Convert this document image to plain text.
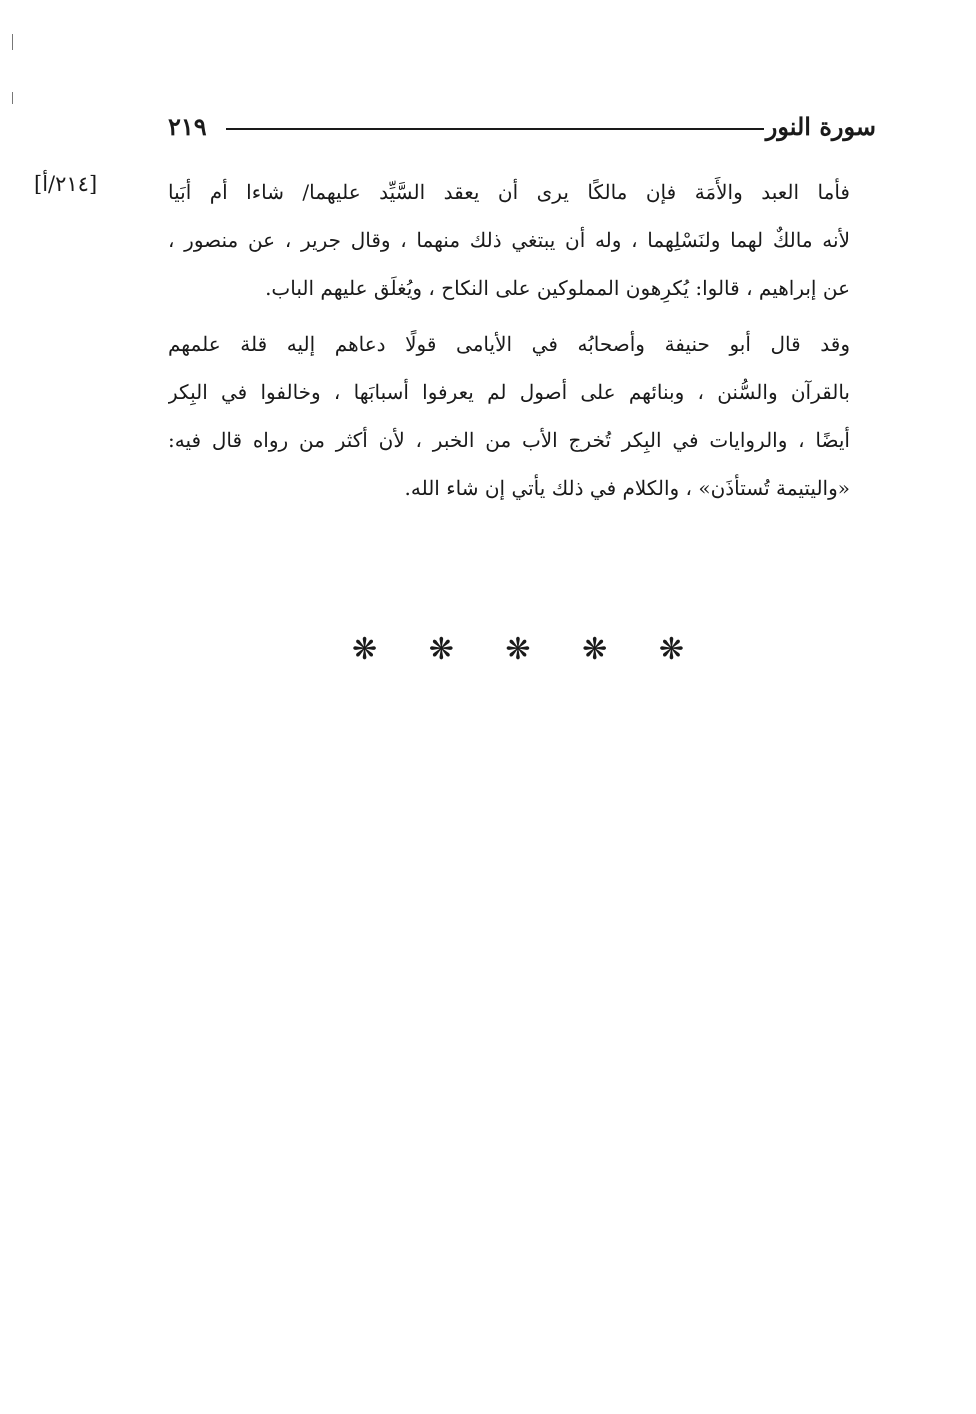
سورة النور
٢١٩
[٢١٤/أ]	فأما العبد والأَمَة فإن مالكًا يرى أن يعقد السَّيِّد عليهما/ شاءا أم أبَيا
لأنه مالكٌ لهما ولنَسْلِهما ، وله أن يبتغي ذلك منهما ، وقال جرير ، عن منصور ،
عن إبراهيم ، قالوا: يُكرِهون المملوكين على النكاح ، ويُغلَق عليهم الباب.

وقد قال أبو حنيفة وأصحابُه في الأيامى قولًا دعاهم إليه قلة علمهم
بالقرآن والسُّنن ، وبنائهم على أصول لم يعرفوا أسبابَها ، وخالفوا في البِكر
أيضًا ، والروايات في البِكر تُخرج الأب من الخبر ، لأن أكثر من رواه قال فيه:
«واليتيمة تُستأذَن» ، والكلام في ذلك يأتي إن شاء الله.

❋ ❋ ❋ ❋ ❋
